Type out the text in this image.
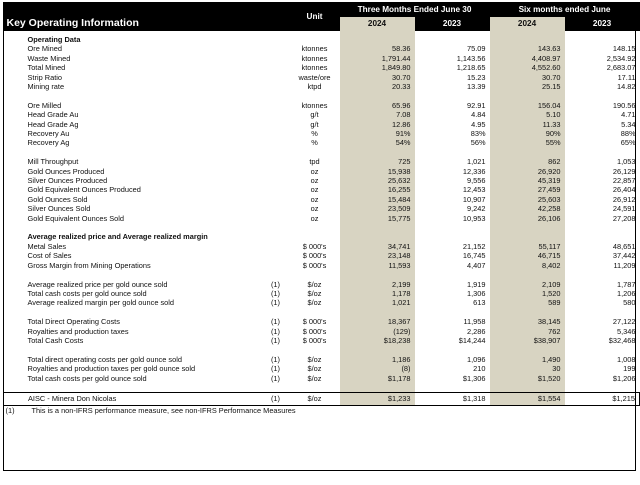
Key Operating Information		Unit	Three Months Ended June 30		Six months ended June	
			2024	2023	2024	2023

Operating Data						
Ore Mined		ktonnes	58.36	75.09	143.63	148.15
Waste Mined		ktonnes	1,791.44	1,143.56	4,408.97	2,534.92
Total Mined		ktonnes	1,849.80	1,218.65	4,552.60	2,683.07
Strip Ratio		waste/ore	30.70	15.23	30.70	17.11
Mining rate		ktpd	20.33	13.39	25.15	14.82

Ore Milled		ktonnes	65.96	92.91	156.04	190.56
Head Grade Au		g/t	7.08	4.84	5.10	4.71
Head Grade Ag		g/t	12.86	4.95	11.33	5.34
Recovery Au		%	91%	83%	90%	88%
Recovery Ag		%	54%	56%	55%	65%

Mill Throughput		tpd	725	1,021	862	1,053
Gold Ounces Produced		oz	15,938	12,336	26,920	26,129
Silver Ounces Produced		oz	25,632	9,556	45,319	22,857
Gold Equivalent Ounces Produced		oz	16,255	12,453	27,459	26,404
Gold Ounces Sold		oz	15,484	10,907	25,603	26,912
Silver Ounces Sold		oz	23,509	9,242	42,258	24,591
Gold Equivalent Ounces Sold		oz	15,775	10,953	26,106	27,208

Average realized price and Average realized margin						
Metal Sales		$ 000's	34,741	21,152	55,117	48,651
Cost of Sales		$ 000's	23,148	16,745	46,715	37,442
Gross Margin from Mining Operations		$ 000's	11,593	4,407	8,402	11,209

Average realized price per gold ounce sold	(1)	$/oz	2,199	1,919	2,109	1,787
Total cash costs per gold ounce sold	(1)	$/oz	1,178	1,306	1,520	1,206
Average realized margin per gold ounce sold	(1)	$/oz	1,021	613	589	580

Total Direct Operating Costs	(1)	$ 000's	18,367	11,958	38,145	27,122
Royalties and production taxes	(1)	$ 000's	(129)	2,286	762	5,346
Total Cash Costs	(1)	$ 000's	$18,238	$14,244	$38,907	$32,468

Total direct operating costs per gold ounce sold	(1)	$/oz	1,186	1,096	1,490	1,008
Royalties and production taxes per gold ounce sold	(1)	$/oz	(8)	210	30	199
Total cash costs per gold ounce sold	(1)	$/oz	$1,178	$1,306	$1,520	$1,206

AISC - Minera Don Nicolas	(1)	$/oz	$1,233	$1,318	$1,554	$1,215
(1)	This is a non-IFRS performance measure, see non-IFRS Performance Measures					
